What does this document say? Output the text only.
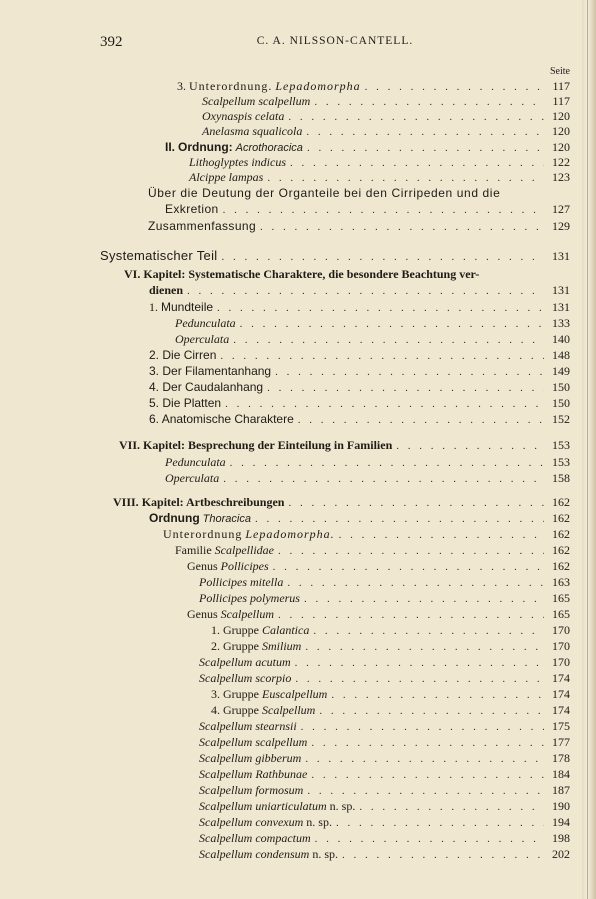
392	C. A. NILSSON-CANTELL.
Seite
3. Unterordnung. Lepadomorpha . . .	117
Scalpellum scalpellum . . .	117
Oxynaspis celata . . .	120
Anelasma squalicola . . .	120
II. Ordnung: Acrothoracica . . .	120
Lithoglyptes indicus . . .	122
Alcippe lampas . . .	123
Über die Deutung der Organteile bei den Cirripeden und die
Exkretion . . .	127
Zusammenfassung . . .	129
Systematischer Teil . . .	131
VI. Kapitel: Systematische Charaktere, die besondere Beachtung ver-
dienen . . .	131
1. Mundteile . . .	131
Pedunculata . . .	133
Operculata . . .	140
2. Die Cirren . . .	148
3. Der Filamentanhang . . .	149
4. Der Caudalanhang . . .	150
5. Die Platten . . .	150
6. Anatomische Charaktere . . .	152
VII. Kapitel: Besprechung der Einteilung in Familien . . .	153
Pedunculata . . .	153
Operculata . . .	158
VIII. Kapitel: Artbeschreibungen . . .	162
Ordnung Thoracica . . .	162
Unterordnung Lepadomorpha. . . .	162
Familie Scalpellidae . . .	162
Genus Pollicipes . . .	162
Pollicipes mitella . . .	163
Pollicipes polymerus . . .	165
Genus Scalpellum . . .	165
1. Gruppe Calantica . . .	170
2. Gruppe Smilium . . .	170
Scalpellum acutum . . .	170
Scalpellum scorpio . . .	174
3. Gruppe Euscalpellum . . .	174
4. Gruppe Scalpellum . . .	174
Scalpellum stearnsii . . .	175
Scalpellum scalpellum . . .	177
Scalpellum gibberum . . .	178
Scalpellum Rathbunae . . .	184
Scalpellum formosum . . .	187
Scalpellum uniarticulatum n. sp. . . .	190
Scalpellum convexum n. sp. . . .	194
Scalpellum compactum . . .	198
Scalpellum condensum n. sp. . . .	202
